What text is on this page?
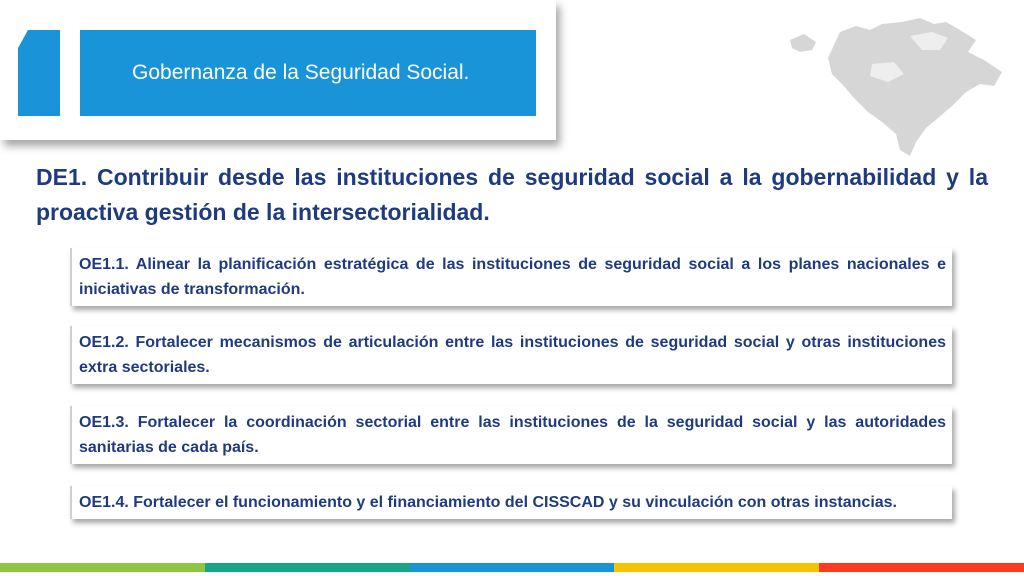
Gobernanza de la Seguridad Social.

DE1. Contribuir desde las instituciones de seguridad social a la gobernabilidad y la proactiva gestión de la intersectorialidad.

OE1.1. Alinear la planificación estratégica de las instituciones de seguridad social a los planes nacionales e iniciativas de transformación.

OE1.2. Fortalecer mecanismos de articulación entre las instituciones de seguridad social y otras instituciones extra sectoriales.

OE1.3. Fortalecer la coordinación sectorial entre las instituciones de la seguridad social y las autoridades sanitarias de cada país.

OE1.4. Fortalecer el funcionamiento y el financiamiento del CISSCAD y su vinculación con otras instancias.
